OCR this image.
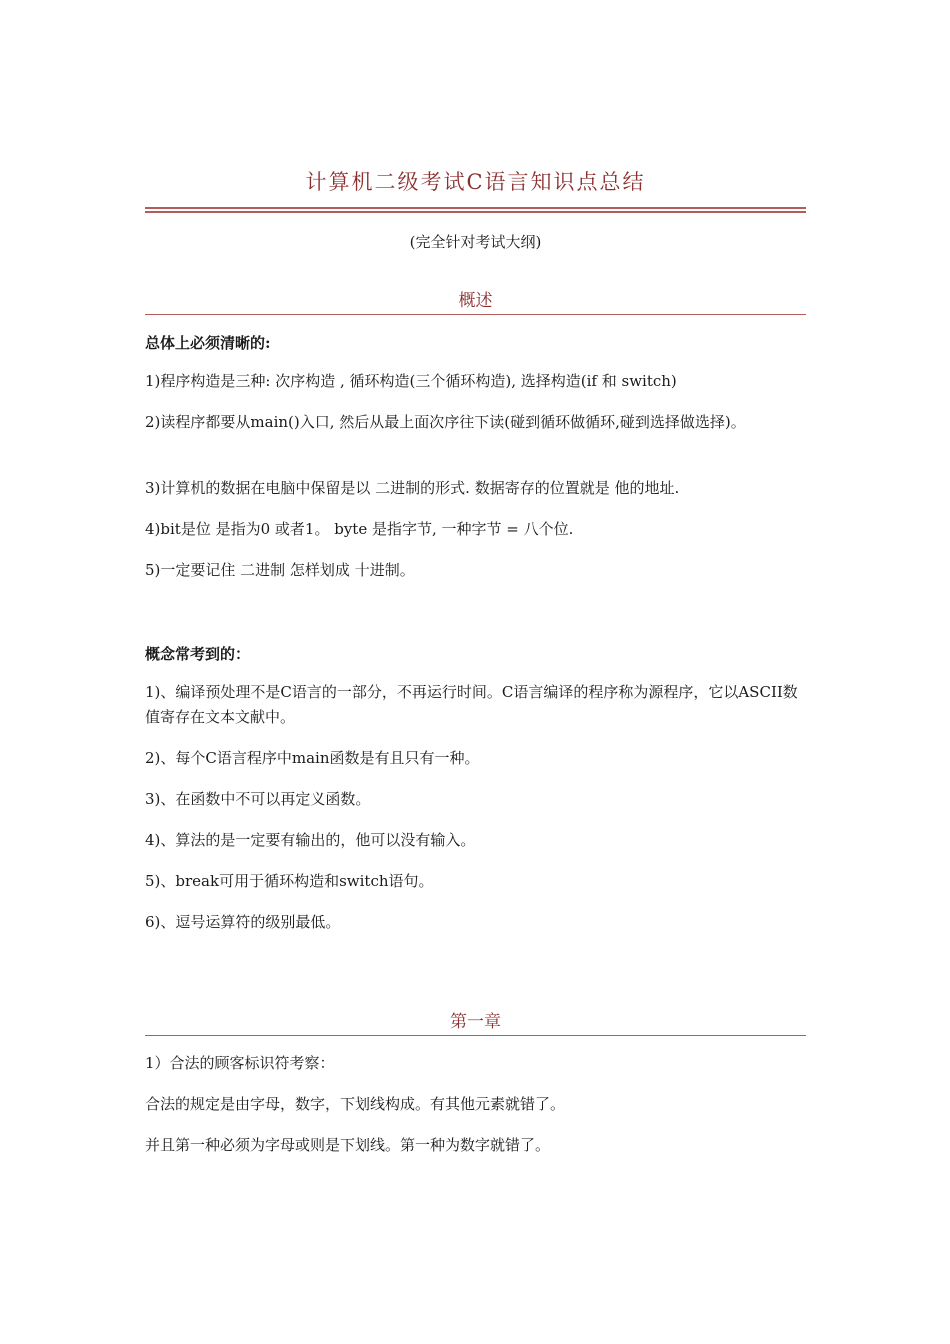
计算机二级考试C语言知识点总结

(完全针对考试大纲)

概述

总体上必须清晰的:

1)程序构造是三种: 次序构造 , 循环构造(三个循环构造), 选择构造(if 和 switch)

2)读程序都要从main()入口, 然后从最上面次序往下读(碰到循环做循环,碰到选择做选择)。

3)计算机的数据在电脑中保留是以 二进制的形式. 数据寄存的位置就是 他的地址.

4)bit是位 是指为0 或者1。 byte 是指字节, 一种字节 = 八个位.

5)一定要记住 二进制 怎样划成 十进制。

概念常考到的：

1)、编译预处理不是C语言的一部分，不再运行时间。C语言编译的程序称为源程序，它以ASCII数值寄存在文本文献中。

2)、每个C语言程序中main函数是有且只有一种。

3)、在函数中不可以再定义函数。

4)、算法的是一定要有输出的，他可以没有输入。

5)、break可用于循环构造和switch语句。

6)、逗号运算符的级别最低。

第一章

1）合法的顾客标识符考察：

合法的规定是由字母，数字，下划线构成。有其他元素就错了。

并且第一种必须为字母或则是下划线。第一种为数字就错了。
